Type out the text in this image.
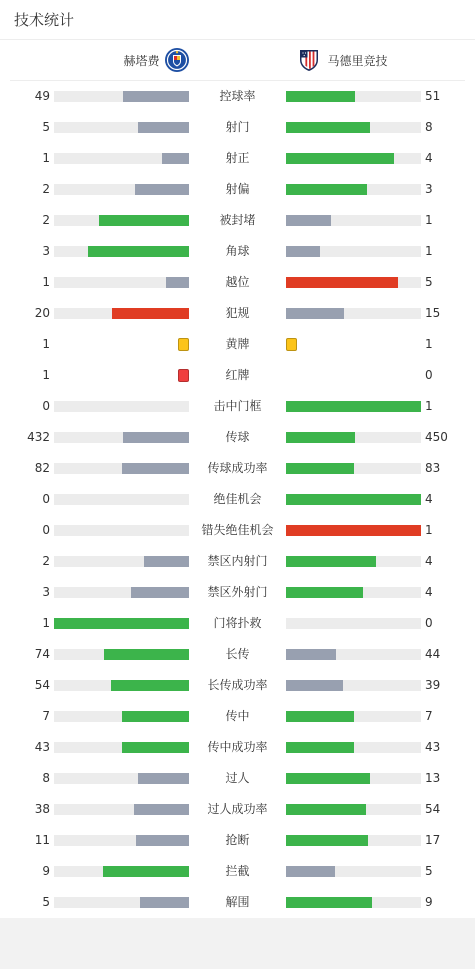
技术统计
赫塔费	马德里竞技
49	控球率	51
5	射门	8
1	射正	4
2	射偏	3
2	被封堵	1
3	角球	1
1	越位	5
20	犯规	15
1	黄牌	1
1	红牌	0
0	击中门框	1
432	传球	450
82	传球成功率	83
0	绝佳机会	4
0	错失绝佳机会	1
2	禁区内射门	4
3	禁区外射门	4
1	门将扑救	0
74	长传	44
54	长传成功率	39
7	传中	7
43	传中成功率	43
8	过人	13
38	过人成功率	54
11	抢断	17
9	拦截	5
5	解围	9
